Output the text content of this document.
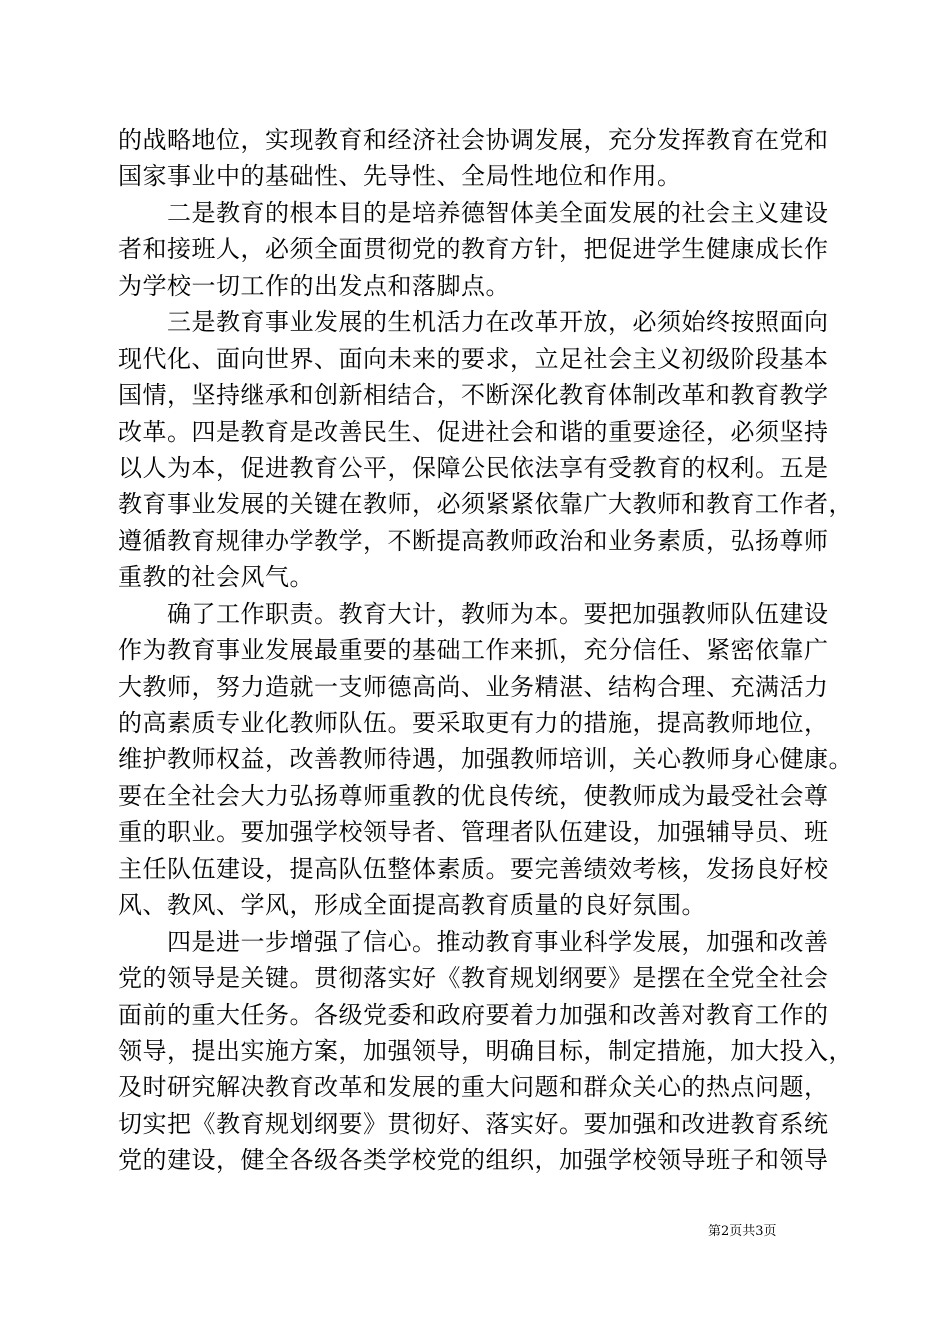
的战略地位，实现教育和经济社会协调发展，充分发挥教育在党和
国家事业中的基础性、先导性、全局性地位和作用。
　　二是教育的根本目的是培养德智体美全面发展的社会主义建设
者和接班人，必须全面贯彻党的教育方针，把促进学生健康成长作
为学校一切工作的出发点和落脚点。
　　三是教育事业发展的生机活力在改革开放，必须始终按照面向
现代化、面向世界、面向未来的要求，立足社会主义初级阶段基本
国情，坚持继承和创新相结合，不断深化教育体制改革和教育教学
改革。四是教育是改善民生、促进社会和谐的重要途径，必须坚持
以人为本，促进教育公平，保障公民依法享有受教育的权利。五是
教育事业发展的关键在教师，必须紧紧依靠广大教师和教育工作者，
遵循教育规律办学教学，不断提高教师政治和业务素质，弘扬尊师
重教的社会风气。
　　确了工作职责。教育大计，教师为本。要把加强教师队伍建设
作为教育事业发展最重要的基础工作来抓，充分信任、紧密依靠广
大教师，努力造就一支师德高尚、业务精湛、结构合理、充满活力
的高素质专业化教师队伍。要采取更有力的措施，提高教师地位，
维护教师权益，改善教师待遇，加强教师培训，关心教师身心健康。
要在全社会大力弘扬尊师重教的优良传统，使教师成为最受社会尊
重的职业。要加强学校领导者、管理者队伍建设，加强辅导员、班
主任队伍建设，提高队伍整体素质。要完善绩效考核，发扬良好校
风、教风、学风，形成全面提高教育质量的良好氛围。
　　四是进一步增强了信心。推动教育事业科学发展，加强和改善
党的领导是关键。贯彻落实好《教育规划纲要》是摆在全党全社会
面前的重大任务。各级党委和政府要着力加强和改善对教育工作的
领导，提出实施方案，加强领导，明确目标，制定措施，加大投入，
及时研究解决教育改革和发展的重大问题和群众关心的热点问题，
切实把《教育规划纲要》贯彻好、落实好。要加强和改进教育系统
党的建设，健全各级各类学校党的组织，加强学校领导班子和领导
第2页共3页
